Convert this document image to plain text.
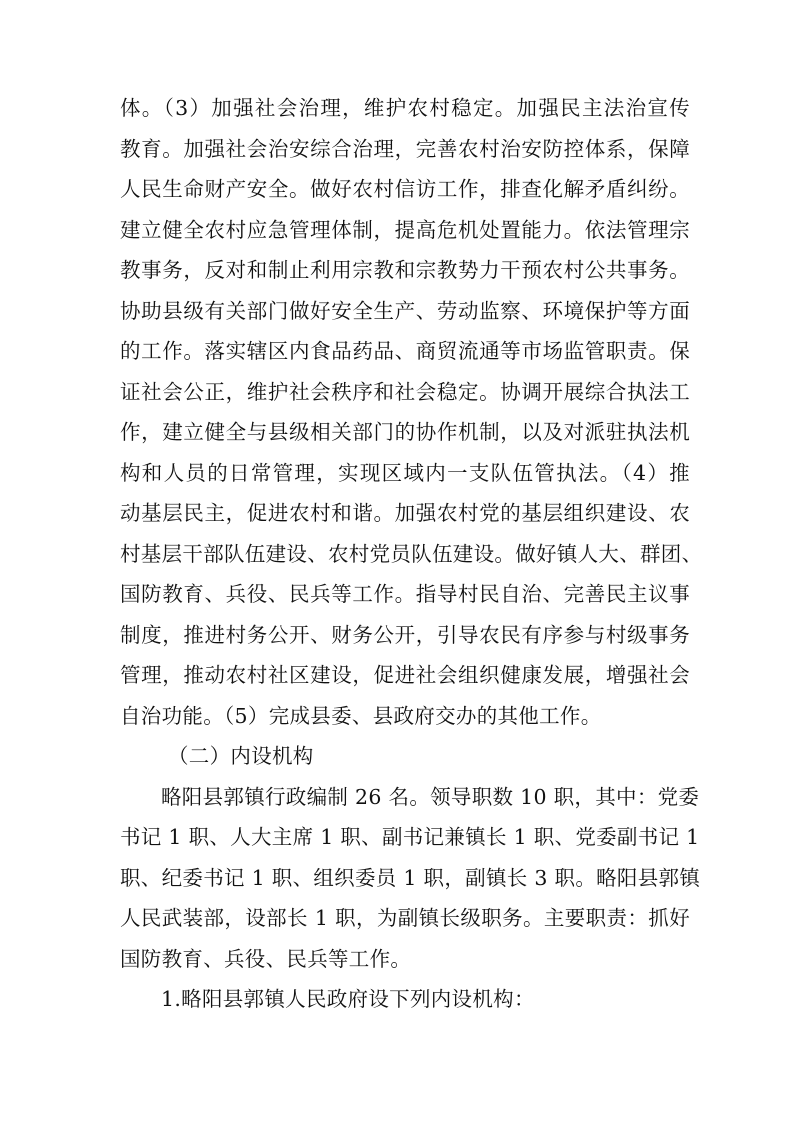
体。（3）加强社会治理，维护农村稳定。加强民主法治宣传
教育。加强社会治安综合治理，完善农村治安防控体系，保障
人民生命财产安全。做好农村信访工作，排查化解矛盾纠纷。
建立健全农村应急管理体制，提高危机处置能力。依法管理宗
教事务，反对和制止利用宗教和宗教势力干预农村公共事务。
协助县级有关部门做好安全生产、劳动监察、环境保护等方面
的工作。落实辖区内食品药品、商贸流通等市场监管职责。保
证社会公正，维护社会秩序和社会稳定。协调开展综合执法工
作，建立健全与县级相关部门的协作机制，以及对派驻执法机
构和人员的日常管理，实现区域内一支队伍管执法。（4）推
动基层民主，促进农村和谐。加强农村党的基层组织建设、农
村基层干部队伍建设、农村党员队伍建设。做好镇人大、群团、
国防教育、兵役、民兵等工作。指导村民自治、完善民主议事
制度，推进村务公开、财务公开，引导农民有序参与村级事务
管理，推动农村社区建设，促进社会组织健康发展，增强社会
自治功能。（5）完成县委、县政府交办的其他工作。
（二）内设机构
略阳县郭镇行政编制 26 名。领导职数 10 职，其中：党委
书记 1 职、人大主席 1 职、副书记兼镇长 1 职、党委副书记 1
职、纪委书记 1 职、组织委员 1 职，副镇长 3 职。略阳县郭镇
人民武装部，设部长 1 职，为副镇长级职务。主要职责：抓好
国防教育、兵役、民兵等工作。
1.略阳县郭镇人民政府设下列内设机构：
